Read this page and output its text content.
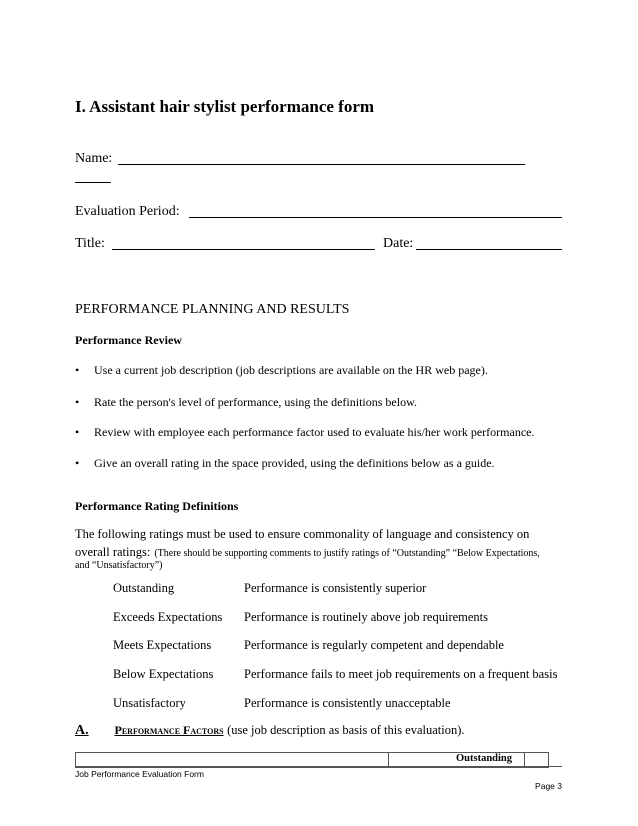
I. Assistant hair stylist performance form
Name:
Evaluation Period:
Title:	Date:
PERFORMANCE PLANNING AND RESULTS
Performance Review
• Use a current job description (job descriptions are available on the HR web page).
• Rate the person's level of performance, using the definitions below.
• Review with employee each performance factor used to evaluate his/her work performance.
• Give an overall rating in the space provided, using the definitions below as a guide.
Performance Rating Definitions
The following ratings must be used to ensure commonality of language and consistency on
overall ratings: (There should be supporting comments to justify ratings of “Outstanding” “Below Expectations,
and “Unsatisfactory”)
Outstanding	Performance is consistently superior
Exceeds Expectations Performance is routinely above job requirements
Meets Expectations	Performance is regularly competent and dependable
Below Expectations Performance fails to meet job requirements on a frequent basis
Unsatisfactory	Performance is consistently unacceptable
A. Performance Factors (use job description as basis of this evaluation).
Outstanding
Job Performance Evaluation Form
Page 3
